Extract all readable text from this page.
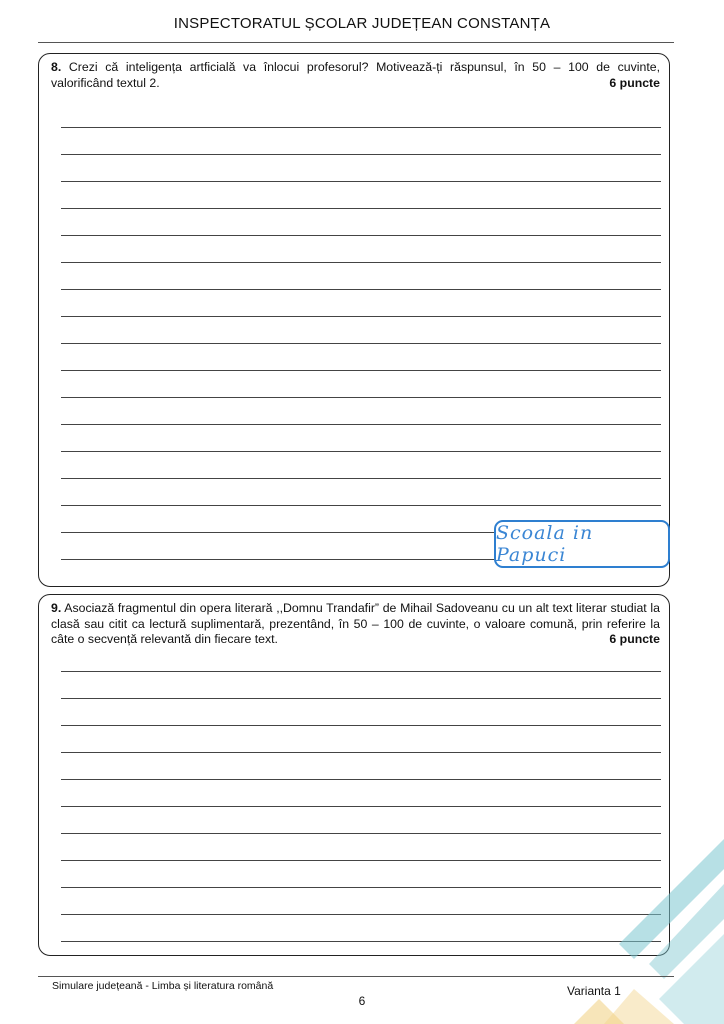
INSPECTORATUL ȘCOLAR JUDEȚEAN CONSTANȚA
8. Crezi că inteligența artficială va înlocui profesorul? Motivează-ți răspunsul, în 50 – 100 de cuvinte, valorificând textul 2.	6 puncte
9. Asociază fragmentul din opera literară ,,Domnu Trandafir” de Mihail Sadoveanu cu un alt text literar studiat la clasă sau citit ca lectură suplimentară, prezentând, în 50 – 100 de cuvinte, o valoare comună, prin referire la câte o secvență relevantă din fiecare text.	6 puncte
Scoala in Papuci
Simulare județeană - Limba și literatura română
6
Varianta 1
